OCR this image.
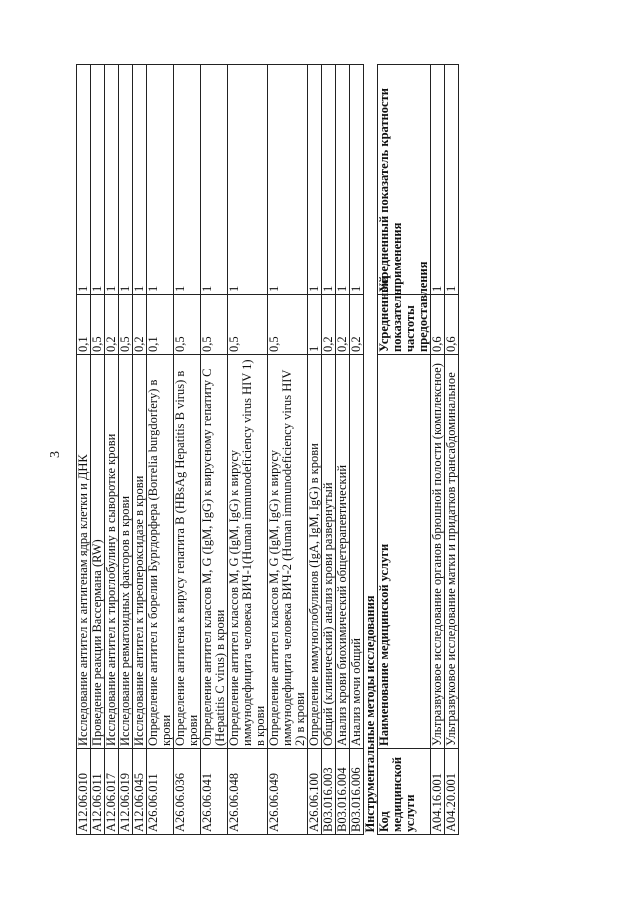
3
A12.06.010	Исследование антител к антигенам ядра клетки и ДНК	0,1	1
A12.06.011	Проведение реакции Вассермана (RW)	0,5	1
A12.06.017	Исследование антител к тироглобулину в сыворотке крови	0,2	1
A12.06.019	Исследование ревматоидных факторов в крови	0,5	1
A12.06.045	Исследование антител к тиреопероксидазе в крови	0,2	1
A26.06.011	Определение антител к борелии Бургдорфера (Borrelia burgdorfery) в крови	0,1	1
A26.06.036	Определение антигена к вирусу гепатита В (HBsAg Hepatitis B virus) в крови	0,5	1
A26.06.041	Определение антител классов M, G (IgM, IgG) к вирусному гепатиту С (Hepatitis C virus) в крови	0,5	1
A26.06.048	Определение антител классов M, G (IgM, IgG) к вирусу иммунодефицита человека ВИЧ-1(Human immunodeficiency virus HIV 1) в крови	0,5	1
A26.06.049	Определение антител классов M, G (IgM, IgG) к вирусу иммунодефицита человека ВИЧ-2 (Human immunodeficiency virus HIV 2) в крови	0,5	1
A26.06.100	Определение иммуноглобулинов (IgA, IgM, IgG) в крови	1	1
B03.016.003	Общий (клинический) анализ крови развернутый	0,2	1
B03.016.004	Анализ крови биохимический общетерапевтический	0,2	1
B03.016.006	Анализ мочи общий	0,2	1
Инструментальные методы исследования			
Код медицинской услуги	Наименование медицинской услуги	Усредненный показатель частоты предоставления	Усредненный показатель кратности применения
A04.16.001	Ультразвуковое исследование органов брюшной полости (комплексное)	0,6	1
A04.20.001	Ультразвуковое исследование матки и придатков трансабдоминальное	0,6	1
